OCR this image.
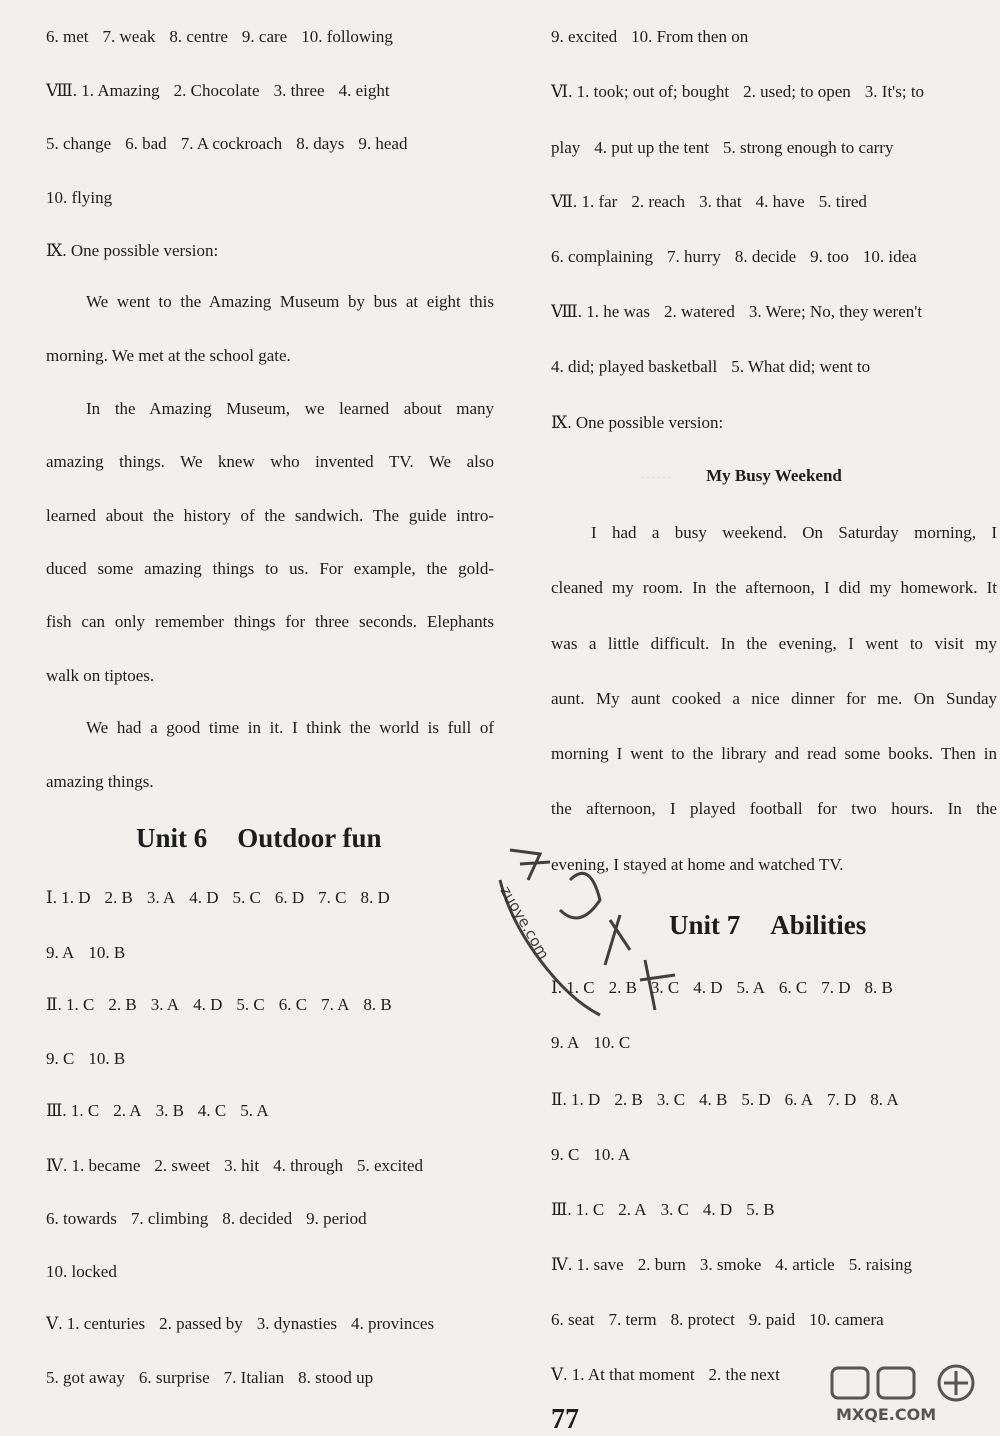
······
6. met 7. weak 8. centre 9. care 10. following
Ⅷ. 1. Amazing 2. Chocolate 3. three 4. eight
5. change 6. bad 7. A cockroach 8. days 9. head
10. flying
Ⅸ. One possible version:
We went to the Amazing Museum by bus at eight this
morning. We met at the school gate.
In the Amazing Museum, we learned about many
amazing things. We knew who invented TV. We also
learned about the history of the sandwich. The guide intro-
duced some amazing things to us. For example, the gold-
fish can only remember things for three seconds. Elephants
walk on tiptoes.
We had a good time in it. I think the world is full of
amazing things.
Unit 6 Outdoor fun
Ⅰ. 1. D 2. B 3. A 4. D 5. C 6. D 7. C 8. D
9. A 10. B
Ⅱ. 1. C 2. B 3. A 4. D 5. C 6. C 7. A 8. B
9. C 10. B
Ⅲ. 1. C 2. A 3. B 4. C 5. A
Ⅳ. 1. became 2. sweet 3. hit 4. through 5. excited
6. towards 7. climbing 8. decided 9. period
10. locked
Ⅴ. 1. centuries 2. passed by 3. dynasties 4. provinces
5. got away 6. surprise 7. Italian 8. stood up
9. excited 10. From then on
Ⅵ. 1. took; out of; bought 2. used; to open 3. It's; to
play 4. put up the tent 5. strong enough to carry
Ⅶ. 1. far 2. reach 3. that 4. have 5. tired
6. complaining 7. hurry 8. decide 9. too 10. idea
Ⅷ. 1. he was 2. watered 3. Were; No, they weren't
4. did; played basketball 5. What did; went to
Ⅸ. One possible version:
My Busy Weekend
I had a busy weekend. On Saturday morning, I
cleaned my room. In the afternoon, I did my homework. It
was a little difficult. In the evening, I went to visit my
aunt. My aunt cooked a nice dinner for me. On Sunday
morning I went to the library and read some books. Then in
the afternoon, I played football for two hours. In the
evening, I stayed at home and watched TV.
Unit 7 Abilities
Ⅰ. 1. C 2. B 3. C 4. D 5. A 6. C 7. D 8. B
9. A 10. C
Ⅱ. 1. D 2. B 3. C 4. B 5. D 6. A 7. D 8. A
9. C 10. A
Ⅲ. 1. C 2. A 3. C 4. D 5. B
Ⅳ. 1. save 2. burn 3. smoke 4. article 5. raising
6. seat 7. term 8. protect 9. paid 10. camera
Ⅴ. 1. At that moment 2. the next
77
zuoye.com
MXQE.COM
